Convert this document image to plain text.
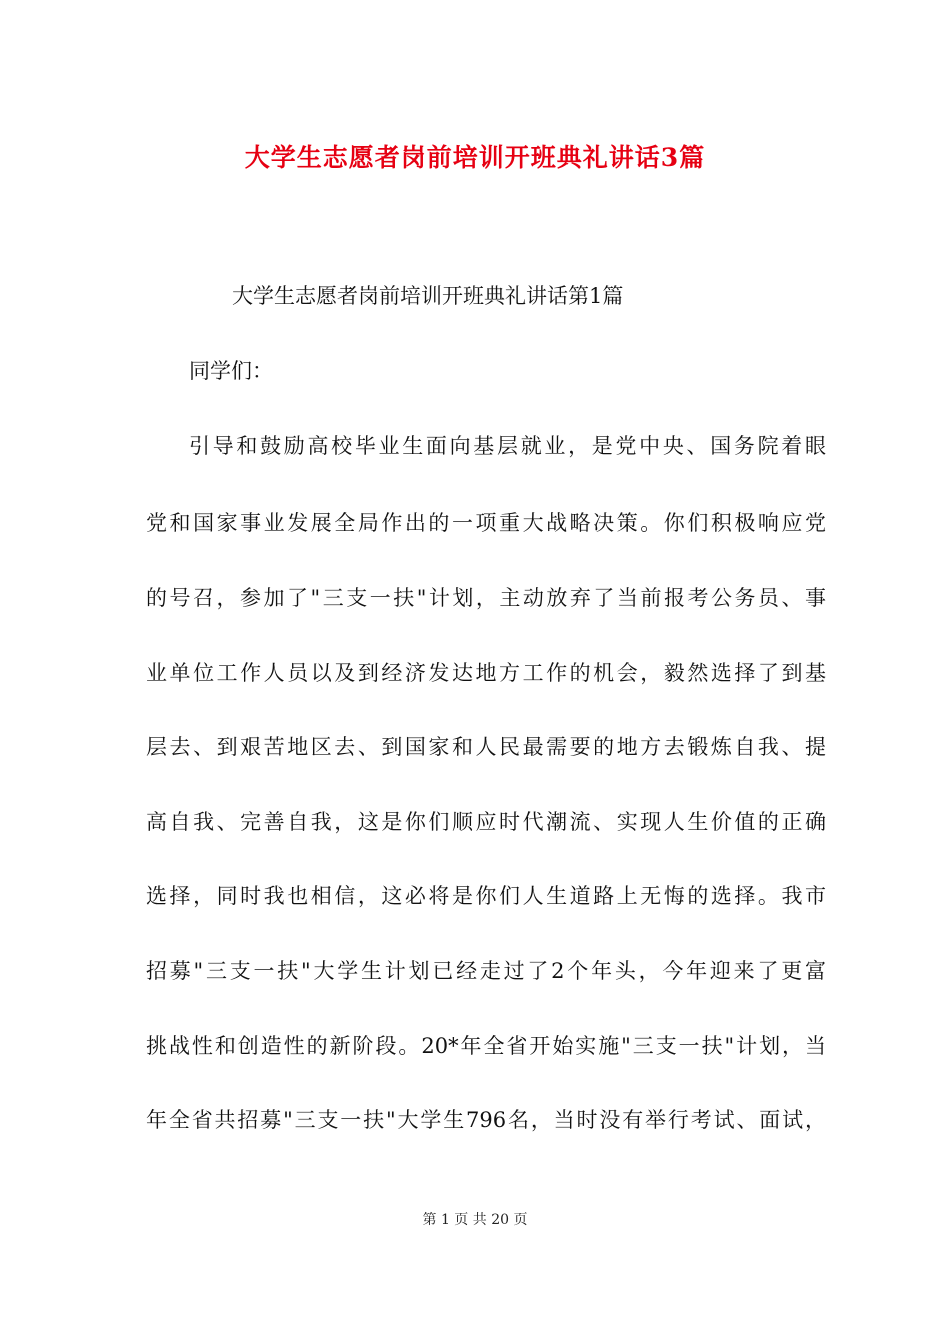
大学生志愿者岗前培训开班典礼讲话3篇

大学生志愿者岗前培训开班典礼讲话第1篇

同学们：

引导和鼓励高校毕业生面向基层就业，是党中央、国务院着眼

党和国家事业发展全局作出的一项重大战略决策。你们积极响应党

的号召，参加了"三支一扶"计划，主动放弃了当前报考公务员、事

业单位工作人员以及到经济发达地方工作的机会，毅然选择了到基

层去、到艰苦地区去、到国家和人民最需要的地方去锻炼自我、提

高自我、完善自我，这是你们顺应时代潮流、实现人生价值的正确

选择，同时我也相信，这必将是你们人生道路上无悔的选择。我市

招募"三支一扶"大学生计划已经走过了2个年头，今年迎来了更富

挑战性和创造性的新阶段。20*年全省开始实施"三支一扶"计划，当

年全省共招募"三支一扶"大学生796名，当时没有举行考试、面试，

第 1 页 共 20 页
